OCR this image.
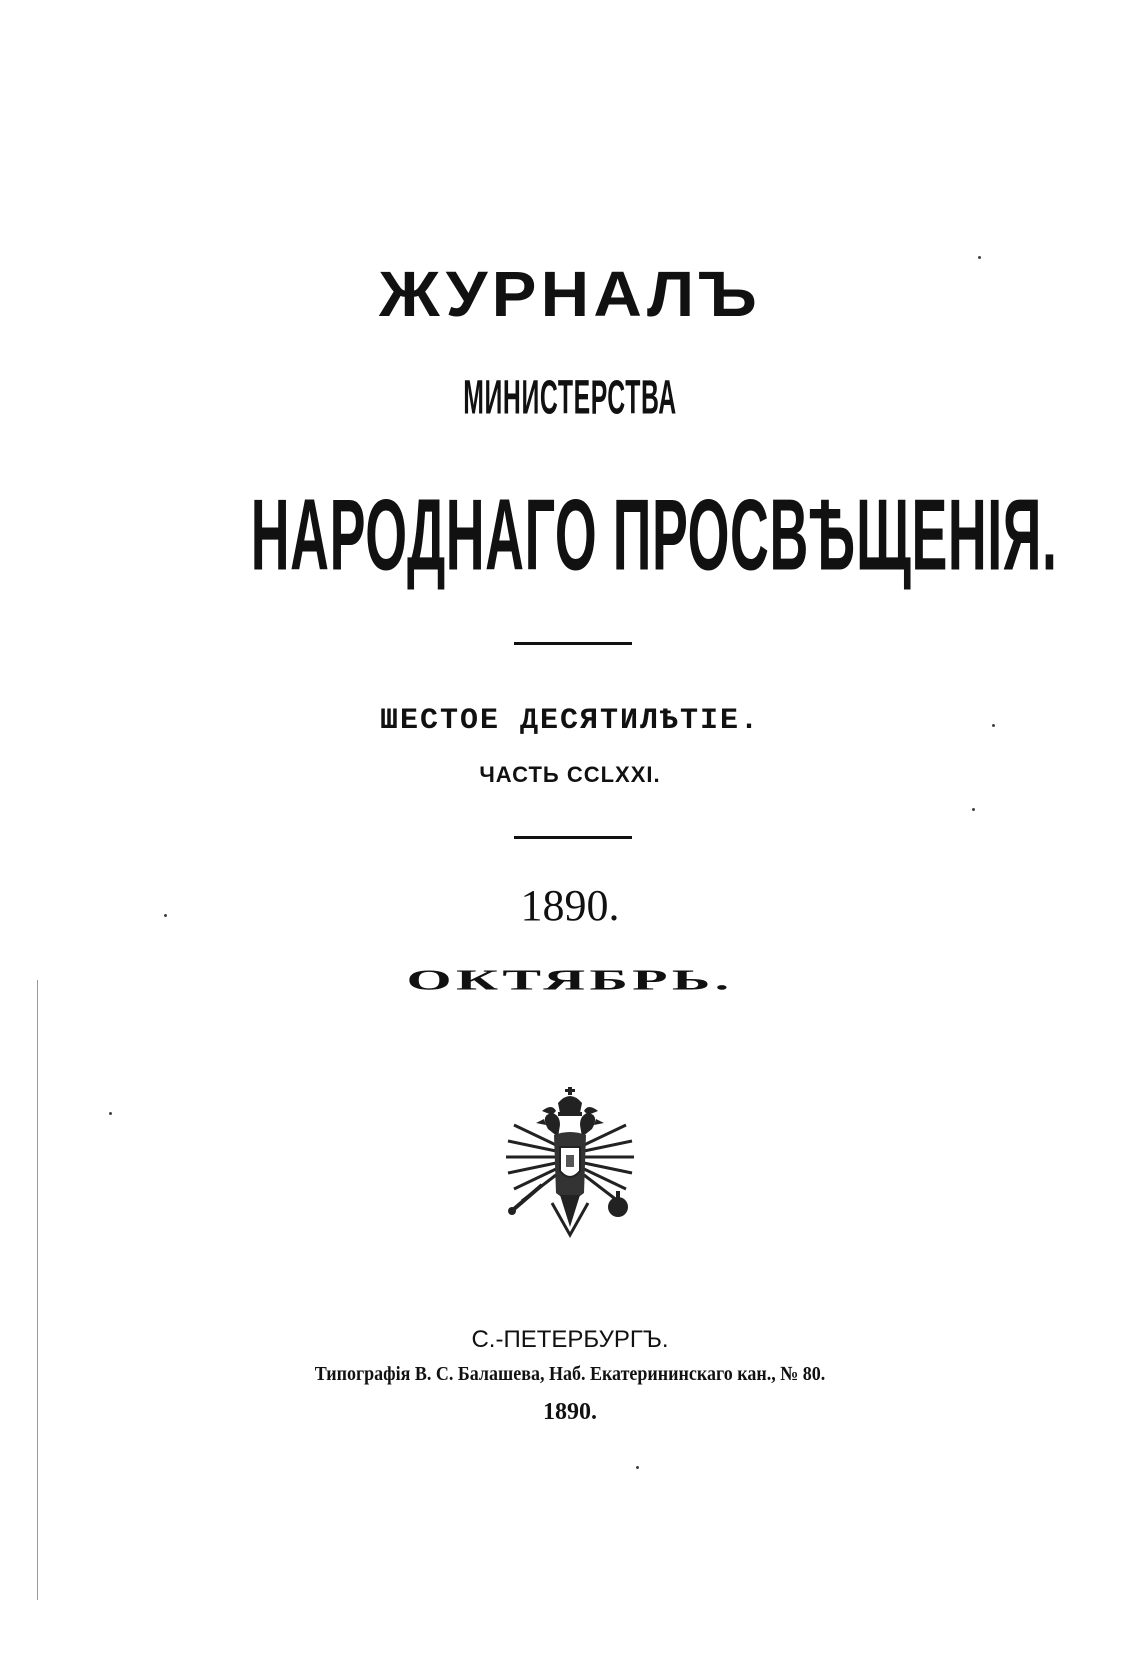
ЖУРНАЛЪ
МИНИСТЕРСТВА
НАРОДНАГО ПРОСВѢЩЕНІЯ.
ШЕСТОЕ ДЕСЯТИЛѢТІЕ.
ЧАСТЬ CCLXXI.
1890.
ОКТЯБРЬ.
С.-ПЕТЕРБУРГЪ.
Типографія В. С. Балашева, Наб. Екатерининскаго кан., № 80.
1890.
